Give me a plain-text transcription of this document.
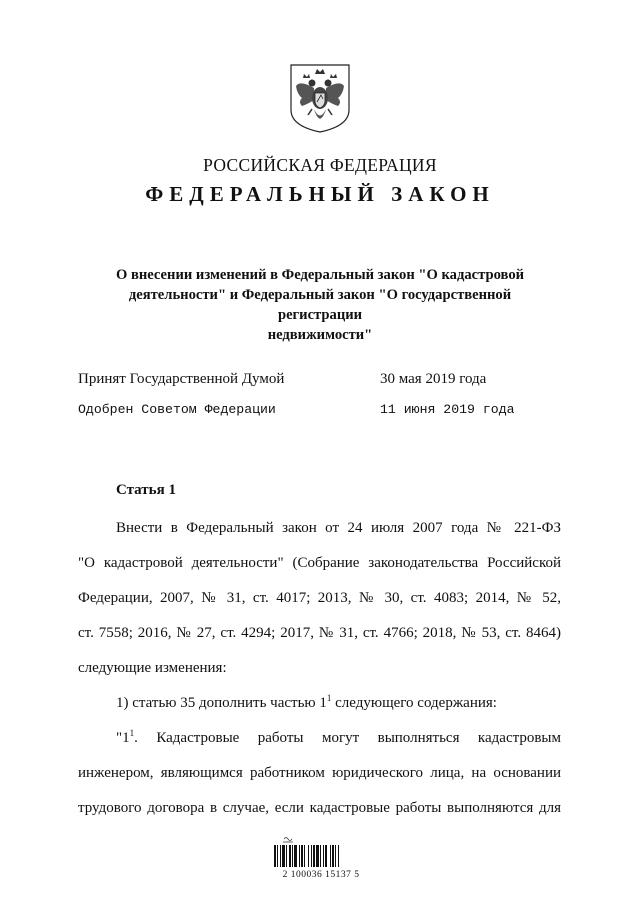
РОССИЙСКАЯ ФЕДЕРАЦИЯ
ФЕДЕРАЛЬНЫЙ ЗАКОН
О внесении изменений в Федеральный закон "О кадастровой
деятельности" и Федеральный закон "О государственной регистрации
недвижимости"
Принят Государственной Думой	30 мая 2019 года
Одобрен Советом Федерации	11 июня 2019 года
Статья 1

Внести в Федеральный закон от 24 июля 2007 года № 221-ФЗ

"О кадастровой деятельности" (Собрание законодательства Российской

Федерации, 2007, № 31, ст. 4017; 2013, № 30, ст. 4083; 2014, № 52,

ст. 7558; 2016, № 27, ст. 4294; 2017, № 31, ст. 4766; 2018, № 53, ст. 8464)

следующие изменения:

1) статью 35 дополнить частью $1^1$ следующего содержания:

"$1^1$. Кадастровые работы могут выполняться кадастровым

инженером, являющимся работником юридического лица, на основании

трудового договора в случае, если кадастровые работы выполняются для

2 100036 15137 5
